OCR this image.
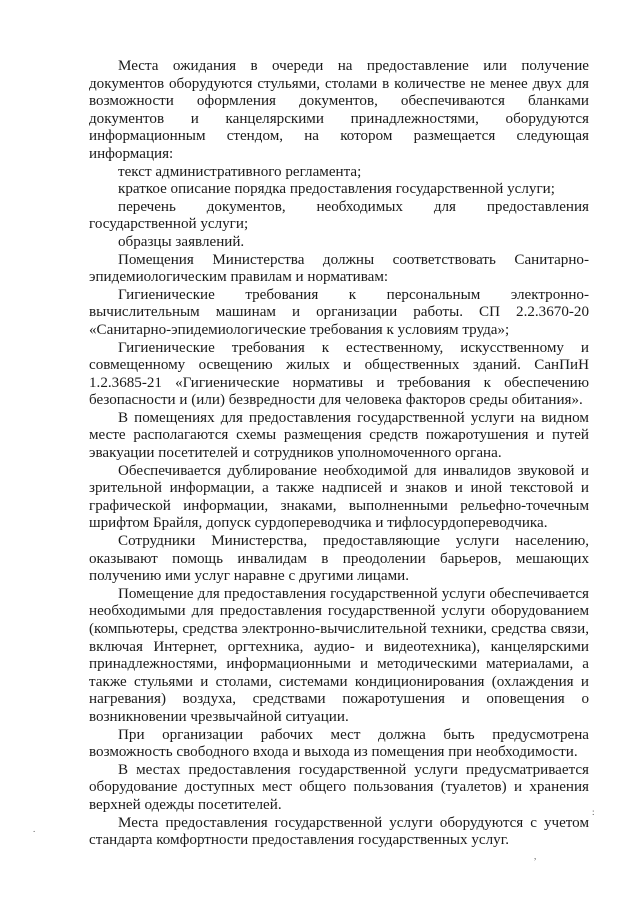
Места ожидания в очереди на предоставление или получение документов оборудуются стульями, столами в количестве не менее двух для возможности оформления документов, обеспечиваются бланками документов и канцелярскими принадлежностями, оборудуются информационным стендом, на котором размещается следующая информация:

текст административного регламента;

краткое описание порядка предоставления государственной услуги;

перечень документов, необходимых для предоставления государственной услуги;

образцы заявлений.

Помещения Министерства должны соответствовать Санитарно-эпидемиологическим правилам и нормативам:

Гигиенические требования к персональным электронно-вычислительным машинам и организации работы. СП 2.2.3670-20 «Санитарно-эпидемиологические требования к условиям труда»;

Гигиенические требования к естественному, искусственному и совмещенному освещению жилых и общественных зданий. СанПиН 1.2.3685-21 «Гигиенические нормативы и требования к обеспечению безопасности и (или) безвредности для человека факторов среды обитания».

В помещениях для предоставления государственной услуги на видном месте располагаются схемы размещения средств пожаротушения и путей эвакуации посетителей и сотрудников уполномоченного органа.

Обеспечивается дублирование необходимой для инвалидов звуковой и зрительной информации, а также надписей и знаков и иной текстовой и графической информации, знаками, выполненными рельефно-точечным шрифтом Брайля, допуск сурдопереводчика и тифлосурдопереводчика.

Сотрудники Министерства, предоставляющие услуги населению, оказывают помощь инвалидам в преодолении барьеров, мешающих получению ими услуг наравне с другими лицами.

Помещение для предоставления государственной услуги обеспечивается необходимыми для предоставления государственной услуги оборудованием (компьютеры, средства электронно-вычислительной техники, средства связи, включая Интернет, оргтехника, аудио- и видеотехника), канцелярскими принадлежностями, информационными и методическими материалами, а также стульями и столами, системами кондиционирования (охлаждения и нагревания) воздуха, средствами пожаротушения и оповещения о возникновении чрезвычайной ситуации.

При организации рабочих мест должна быть предусмотрена возможность свободного входа и выхода из помещения при необходимости.

В местах предоставления государственной услуги предусматривается оборудование доступных мест общего пользования (туалетов) и хранения верхней одежды посетителей.

Места предоставления государственной услуги оборудуются с учетом стандарта комфортности предоставления государственных услуг.

.
:
,
